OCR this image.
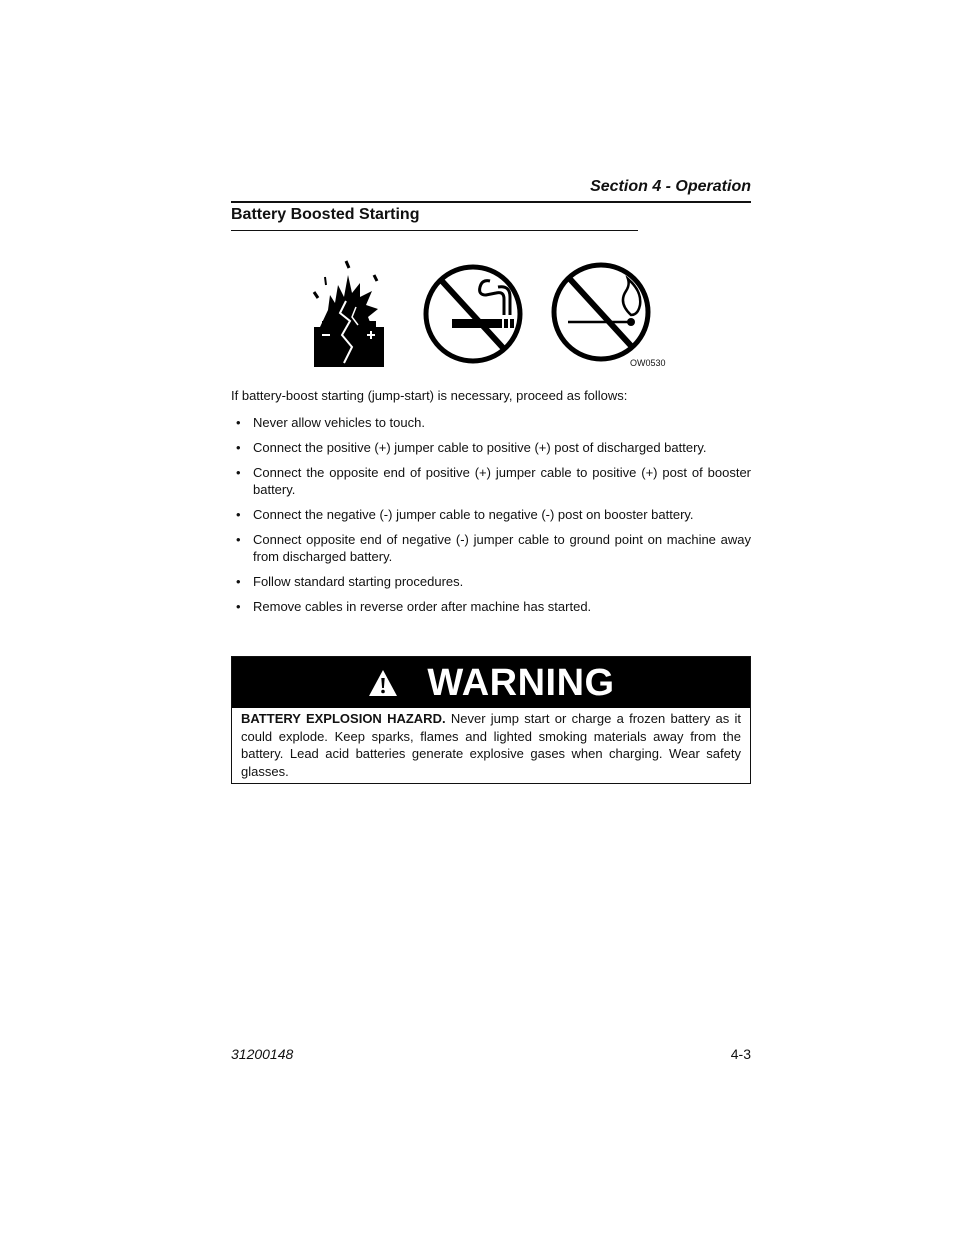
Section 4 - Operation
Battery Boosted Starting
OW0530

If battery-boost starting (jump-start) is necessary, proceed as follows:

• Never allow vehicles to touch.
• Connect the positive (+) jumper cable to positive (+) post of discharged battery.
• Connect the opposite end of positive (+) jumper cable to positive (+) post of booster battery.
• Connect the negative (-) jumper cable to negative (-) post on booster battery.
• Connect opposite end of negative (-) jumper cable to ground point on machine away from discharged battery.
• Follow standard starting procedures.
• Remove cables in reverse order after machine has started.
WARNING

BATTERY EXPLOSION HAZARD. Never jump start or charge a frozen battery as it could explode. Keep sparks, flames and lighted smoking materials away from the battery. Lead acid batteries generate explosive gases when charging. Wear safety glasses.

31200148	4-3
